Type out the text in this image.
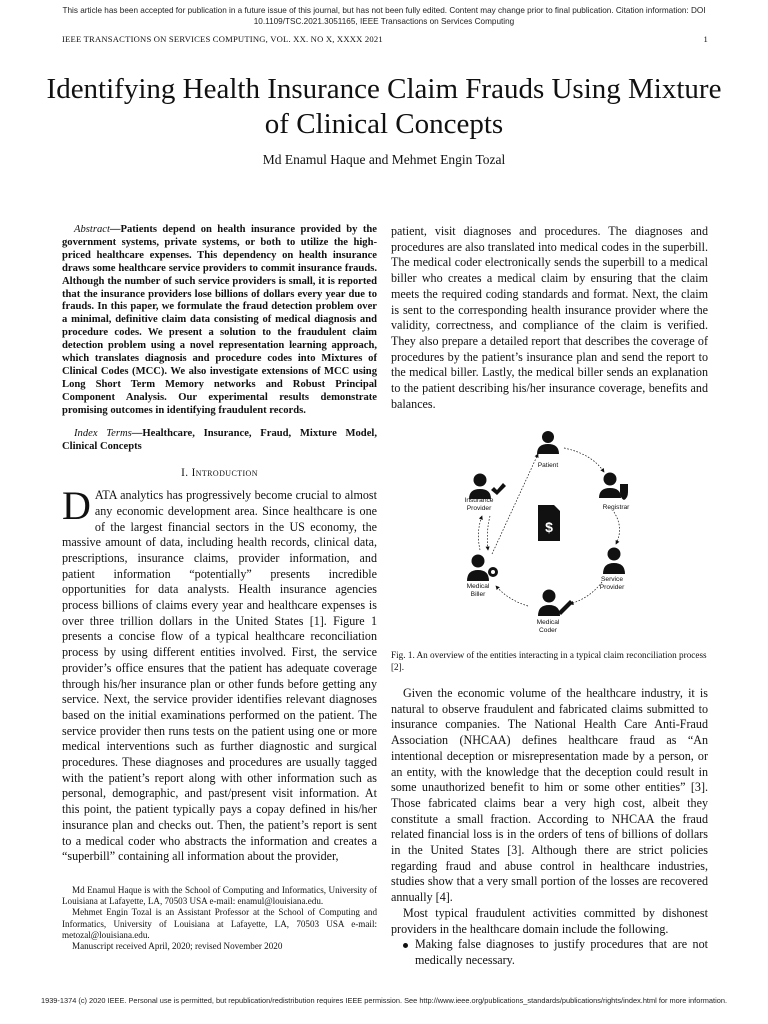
This article has been accepted for publication in a future issue of this journal, but has not been fully edited. Content may change prior to final publication. Citation information: DOI 10.1109/TSC.2021.3051165, IEEE Transactions on Services Computing
IEEE TRANSACTIONS ON SERVICES COMPUTING, VOL. XX. NO X, XXXX 2021	1
Identifying Health Insurance Claim Frauds Using Mixture of Clinical Concepts
Md Enamul Haque and Mehmet Engin Tozal

Abstract—Patients depend on health insurance provided by the government systems, private systems, or both to utilize the high-priced healthcare expenses. This dependency on health insurance draws some healthcare service providers to commit insurance frauds. Although the number of such service providers is small, it is reported that the insurance providers lose billions of dollars every year due to frauds. In this paper, we formulate the fraud detection problem over a minimal, definitive claim data consisting of medical diagnosis and procedure codes. We present a solution to the fraudulent claim detection problem using a novel representation learning approach, which translates diagnosis and procedure codes into Mixtures of Clinical Codes (MCC). We also investigate extensions of MCC using Long Short Term Memory networks and Robust Principal Component Analysis. Our experimental results demonstrate promising outcomes in identifying fraudulent records.

Index Terms—Healthcare, Insurance, Fraud, Mixture Model, Clinical Concepts

I. Introduction

DATA analytics has progressively become crucial to almost any economic development area. Since healthcare is one of the largest financial sectors in the US economy, the massive amount of data, including health records, clinical data, prescriptions, insurance claims, provider information, and patient information “potentially” presents incredible opportunities for data analysts. Health insurance agencies process billions of claims every year and healthcare expenses is over three trillion dollars in the United States [1]. Figure 1 presents a concise flow of a typical healthcare reconciliation process by using different entities involved. First, the service provider’s office ensures that the patient has adequate coverage through his/her insurance plan or other funds before getting any service. Next, the service provider identifies relevant diagnoses based on the initial examinations performed on the patient. The service provider then runs tests on the patient using one or more medical interventions such as further diagnostic and surgical procedures. These diagnoses and procedures are usually tagged with the patient’s report along with other information such as personal, demographic, and past/present visit information. At this point, the patient typically pays a copay defined in his/her insurance plan and checks out. Then, the patient’s report is sent to a medical coder who abstracts the information and creates a “superbill” containing all information about the provider,

Md Enamul Haque is with the School of Computing and Informatics, University of Louisiana at Lafayette, LA, 70503 USA e-mail: enamul@louisiana.edu.

Mehmet Engin Tozal is an Assistant Professor at the School of Computing and Informatics, University of Louisiana at Lafayette, LA, 70503 USA e-mail: metozal@louisiana.edu.

Manuscript received April, 2020; revised November 2020

patient, visit diagnoses and procedures. The diagnoses and procedures are also translated into medical codes in the superbill. The medical coder electronically sends the superbill to a medical biller who creates a medical claim by ensuring that the claim meets the required coding standards and format. Next, the claim is sent to the corresponding health insurance provider where the validity, correctness, and compliance of the claim is verified. They also prepare a detailed report that describes the coverage of procedures by the patient’s insurance plan and send the report to the medical biller. Lastly, the medical biller sends an explanation to the patient describing his/her insurance coverage, benefits and balances.

$
Patient
Registrar
Service Provider
Medical Coder
Medical Biller
Insurance Provider
Fig. 1. An overview of the entities interacting in a typical claim reconciliation process [2].

Given the economic volume of the healthcare industry, it is natural to observe fraudulent and fabricated claims submitted to insurance companies. The National Health Care Anti-Fraud Association (NHCAA) defines healthcare fraud as “An intentional deception or misrepresentation made by a person, or an entity, with the knowledge that the deception could result in some unauthorized benefit to him or some other entities” [3]. Those fabricated claims bear a very high cost, albeit they constitute a small fraction. According to NHCAA the fraud related financial loss is in the orders of tens of billions of dollars in the United States [3]. Although there are strict policies regarding fraud and abuse control in healthcare industries, studies show that a very small portion of the losses are recovered annually [4].

Most typical fraudulent activities committed by dishonest providers in the healthcare domain include the following.

Making false diagnoses to justify procedures that are not medically necessary.
1939-1374 (c) 2020 IEEE. Personal use is permitted, but republication/redistribution requires IEEE permission. See http://www.ieee.org/publications_standards/publications/rights/index.html for more information.
